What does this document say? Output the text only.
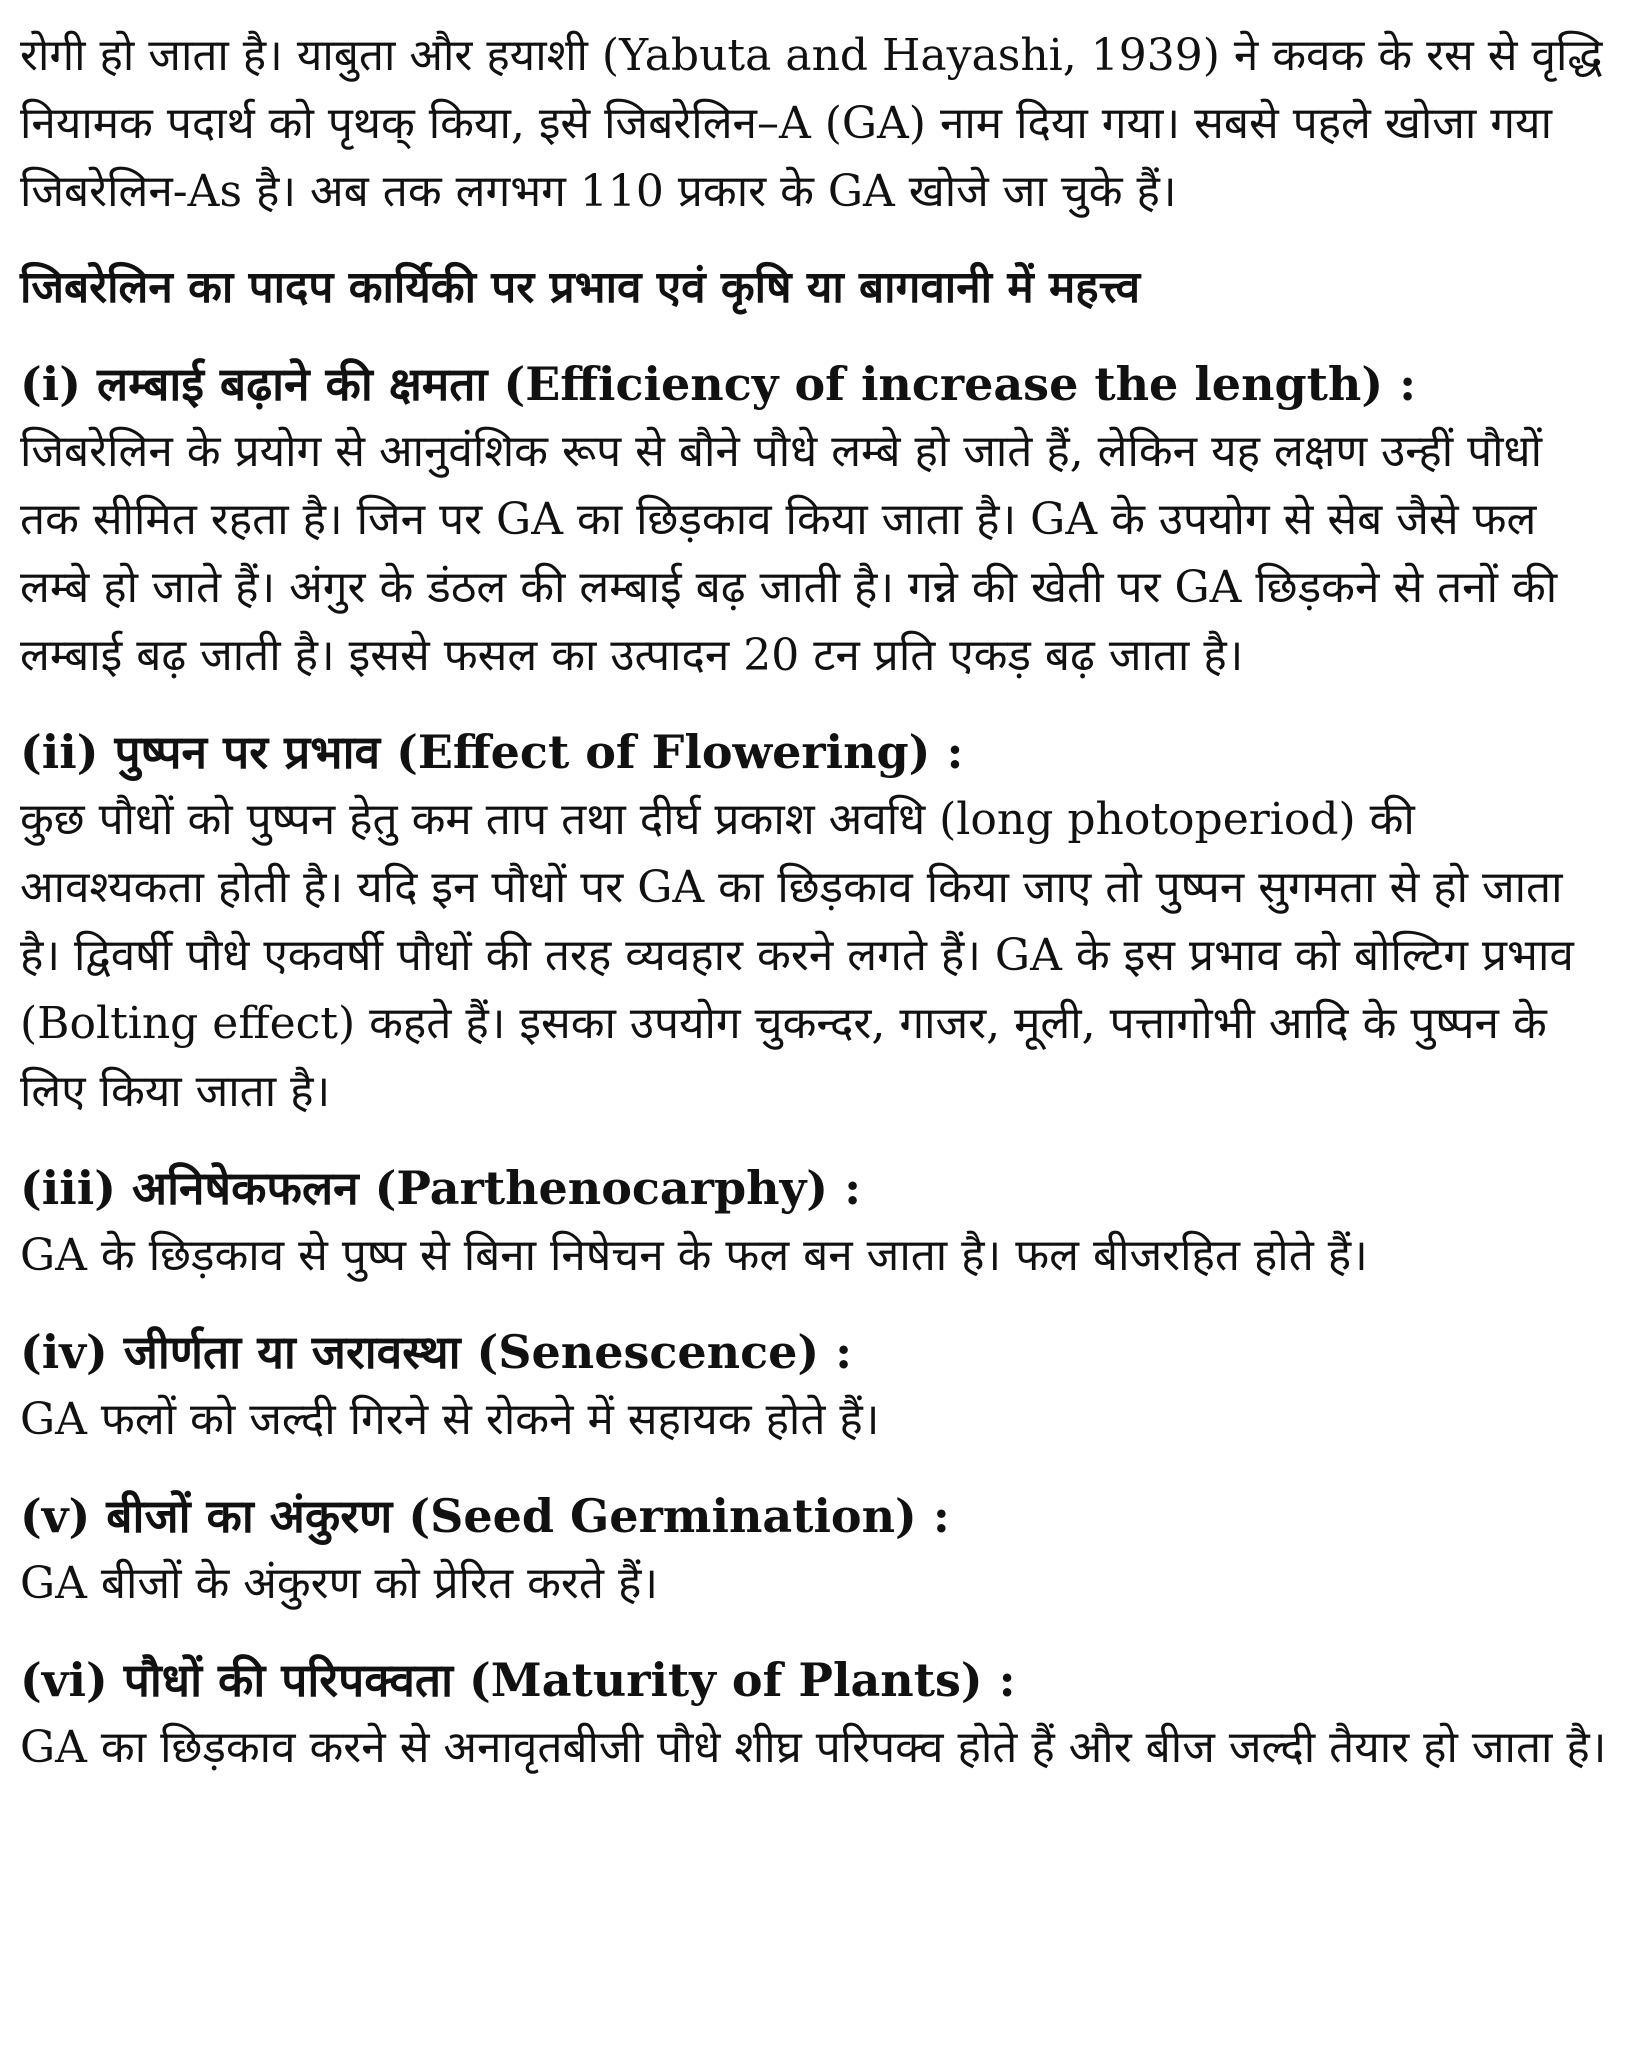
रोगी हो जाता है। याबुता और हयाशी (Yabuta and Hayashi, 1939) ने कवक के रस से वृद्धि नियामक पदार्थ को पृथक् किया, इसे जिबरेलिन–A (GA) नाम दिया गया। सबसे पहले खोजा गया जिबरेलिन-As है। अब तक लगभग 110 प्रकार के GA खोजे जा चुके हैं।

जिबरेलिन का पादप कार्यिकी पर प्रभाव एवं कृषि या बागवानी में महत्त्व

(i) लम्बाई बढ़ाने की क्षमता (Efficiency of increase the length) :

जिबरेलिन के प्रयोग से आनुवंशिक रूप से बौने पौधे लम्बे हो जाते हैं, लेकिन यह लक्षण उन्हीं पौधों तक सीमित रहता है। जिन पर GA का छिड़काव किया जाता है। GA के उपयोग से सेब जैसे फल लम्बे हो जाते हैं। अंगुर के डंठल की लम्बाई बढ़ जाती है। गन्ने की खेती पर GA छिड़कने से तनों की लम्बाई बढ़ जाती है। इससे फसल का उत्पादन 20 टन प्रति एकड़ बढ़ जाता है।

(ii) पुष्पन पर प्रभाव (Effect of Flowering) :

कुछ पौधों को पुष्पन हेतु कम ताप तथा दीर्घ प्रकाश अवधि (long photoperiod) की आवश्यकता होती है। यदि इन पौधों पर GA का छिड़काव किया जाए तो पुष्पन सुगमता से हो जाता है। द्विवर्षी पौधे एकवर्षी पौधों की तरह व्यवहार करने लगते हैं। GA के इस प्रभाव को बोल्टिग प्रभाव (Bolting effect) कहते हैं। इसका उपयोग चुकन्दर, गाजर, मूली, पत्तागोभी आदि के पुष्पन के लिए किया जाता है।

(iii) अनिषेकफलन (Parthenocarphy) :

GA के छिड़काव से पुष्प से बिना निषेचन के फल बन जाता है। फल बीजरहित होते हैं।

(iv) जीर्णता या जरावस्था (Senescence) :

GA फलों को जल्दी गिरने से रोकने में सहायक होते हैं।

(v) बीजों का अंकुरण (Seed Germination) :

GA बीजों के अंकुरण को प्रेरित करते हैं।

(vi) पौधों की परिपक्वता (Maturity of Plants) :

GA का छिड़काव करने से अनावृतबीजी पौधे शीघ्र परिपक्व होते हैं और बीज जल्दी तैयार हो जाता है।
